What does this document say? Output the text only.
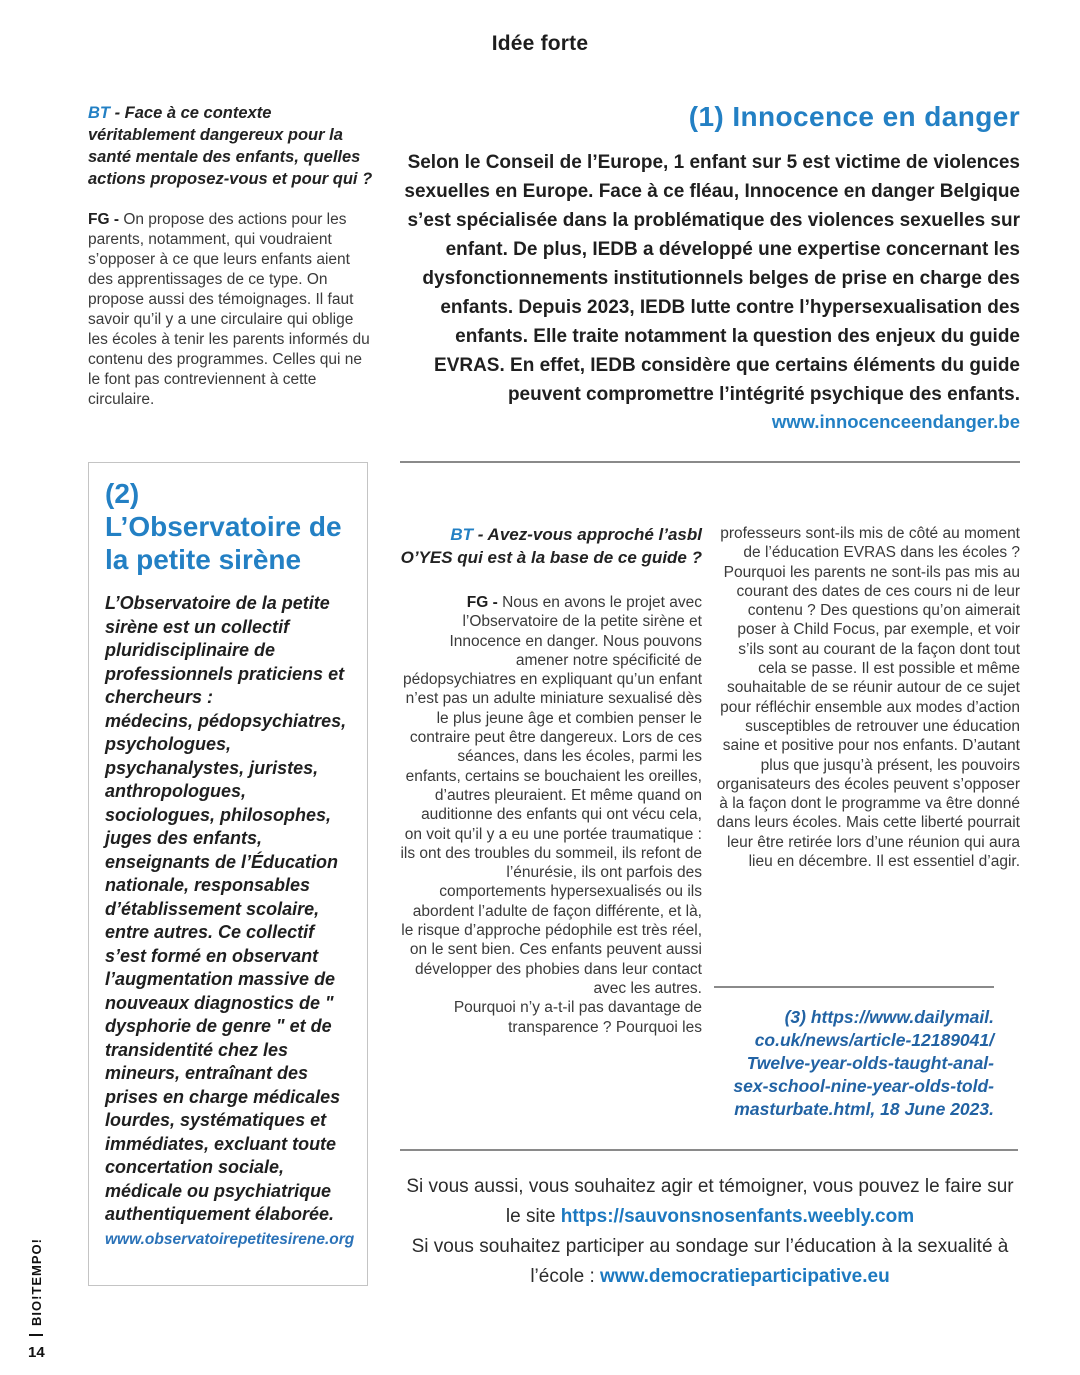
Idée forte

BT - Face à ce contexte véritablement dangereux pour la santé mentale des enfants, quelles actions proposez-vous et pour qui ?

FG - On propose des actions pour les parents, notamment, qui voudraient s’opposer à ce que leurs enfants aient des apprentissages de ce type. On propose aussi des témoignages. Il faut savoir qu’il y a une circulaire qui oblige les écoles à tenir les parents informés du contenu des programmes. Celles qui ne le font pas contreviennent à cette circulaire.

(1) Innocence en danger

Selon le Conseil de l’Europe, 1 enfant sur 5 est victime de violences sexuelles en Europe. Face à ce fléau, Innocence en danger Belgique s’est spécialisée dans la problématique des violences sexuelles sur enfant. De plus, IEDB a développé une expertise concernant les dysfonctionnements institutionnels belges de prise en charge des enfants. Depuis 2023, IEDB lutte contre l’hypersexualisation des enfants. Elle traite notamment la question des enjeux du guide EVRAS. En effet, IEDB considère que certains éléments du guide peuvent compromettre l’intégrité psychique des enfants.

www.innocenceendanger.be

(2)
L’Observatoire de la petite sirène

L’Observatoire de la petite sirène est un collectif pluridisciplinaire de professionnels praticiens et chercheurs :

médecins, pédopsychiatres, psychologues, psychanalystes, juristes, anthropologues, sociologues, philosophes, juges des enfants, enseignants de l’Éducation nationale, responsables d’établissement scolaire, entre autres. Ce collectif s’est formé en observant l’augmentation massive de nouveaux diagnostics de " dysphorie de genre " et de transidentité chez les mineurs, entraînant des prises en charge médicales lourdes, systématiques et immédiates, excluant toute concertation sociale, médicale ou psychiatrique authentiquement élaborée.

www.observatoirepetitesirene.org

BT - Avez-vous approché l’asbl O’YES qui est à la base de ce guide ?

FG - Nous en avons le projet avec l’Observatoire de la petite sirène et Innocence en danger. Nous pouvons amener notre spécificité de pédopsychiatres en expliquant qu’un enfant n’est pas un adulte miniature sexualisé dès le plus jeune âge et combien penser le contraire peut être dangereux. Lors de ces séances, dans les écoles, parmi les enfants, certains se bouchaient les oreilles, d’autres pleuraient. Et même quand on auditionne des enfants qui ont vécu cela, on voit qu’il y a eu une portée traumatique : ils ont des troubles du sommeil, ils refont de l’énurésie, ils ont parfois des comportements hypersexualisés ou ils abordent l’adulte de façon différente, et là, le risque d’approche pédophile est très réel, on le sent bien. Ces enfants peuvent aussi développer des phobies dans leur contact avec les autres.

Pourquoi n’y a-t-il pas davantage de transparence ? Pourquoi les

professeurs sont-ils mis de côté au moment de l’éducation EVRAS dans les écoles ? Pourquoi les parents ne sont-ils pas mis au courant des dates de ces cours ni de leur contenu ? Des questions qu’on aimerait poser à Child Focus, par exemple, et voir s’ils sont au courant de la façon dont tout cela se passe. Il est possible et même souhaitable de se réunir autour de ce sujet pour réfléchir ensemble aux modes d’action susceptibles de retrouver une éducation saine et positive pour nos enfants. D’autant plus que jusqu’à présent, les pouvoirs organisateurs des écoles peuvent s’opposer à la façon dont le programme va être donné dans leurs écoles. Mais cette liberté pourrait leur être retirée lors d’une réunion qui aura lieu en décembre. Il est essentiel d’agir.
(3) https://www.dailymail.
co.uk/news/article-12189041/
Twelve-year-olds-taught-anal-
sex-school-nine-year-olds-told-
masturbate.html, 18 June 2023.
Si vous aussi, vous souhaitez agir et témoigner, vous pouvez le faire sur le site https://sauvonsnosenfants.weebly.com
Si vous souhaitez participer au sondage sur l’éducation à la sexualité à l’école : www.democratieparticipative.eu
BIO!TEMPO!
14
